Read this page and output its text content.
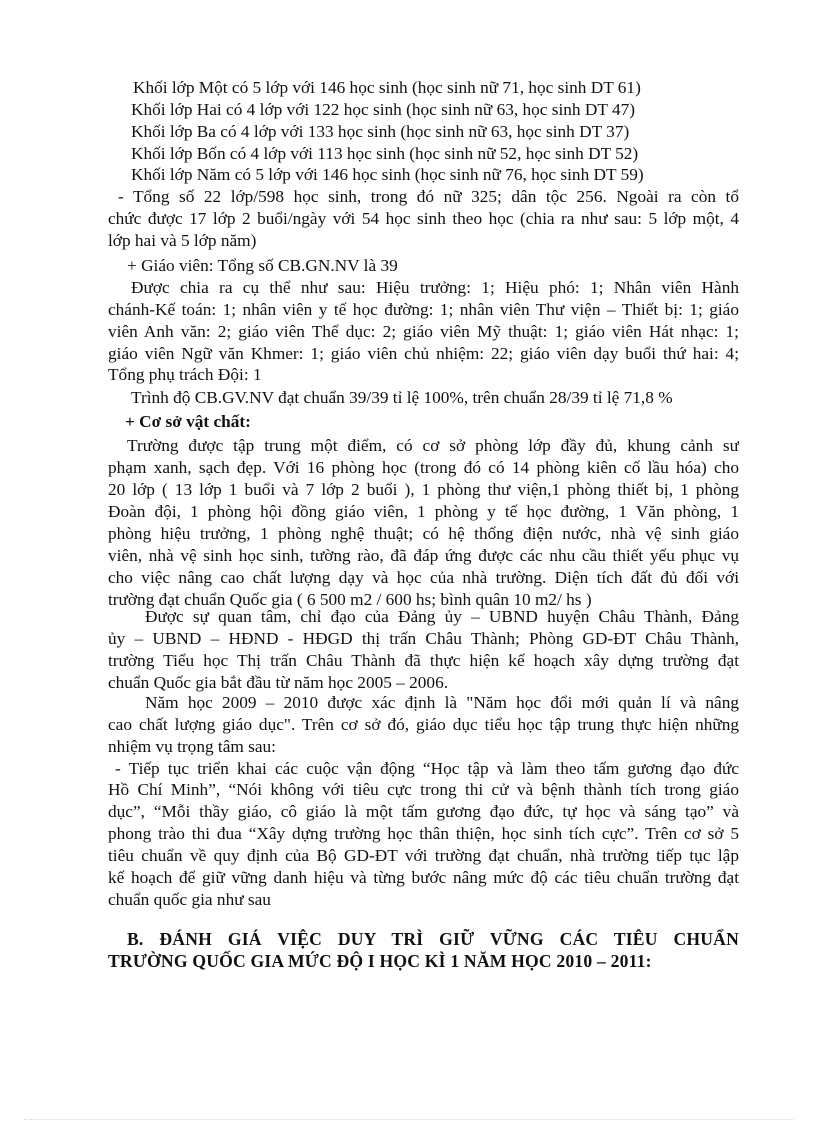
Khối lớp Một có 5 lớp với 146 học sinh (học sinh nữ 71, học sinh DT 61)
Khối lớp Hai có 4 lớp với 122 học sinh (học sinh nữ 63, học sinh DT 47)
Khối lớp Ba có 4 lớp với 133 học sinh (học sinh nữ 63, học sinh DT 37)
Khối lớp Bốn có 4 lớp với 113 học sinh (học sinh nữ 52, học sinh DT 52)
Khối lớp Năm có 5 lớp với 146 học sinh (học sinh nữ 76, học sinh DT 59)
- Tổng số 22 lớp/598 học sinh, trong đó nữ 325; dân tộc 256. Ngoài ra còn tổ
chức được 17 lớp 2 buổi/ngày với 54 học sinh theo học (chia ra như sau: 5 lớp một, 4
lớp hai và 5 lớp năm)
+ Giáo viên: Tổng số CB.GN.NV là 39
Được chia ra cụ thể như sau: Hiệu trưởng: 1; Hiệu phó: 1; Nhân viên Hành
chánh-Kế toán: 1; nhân viên y tế học đường: 1; nhân viên Thư viện – Thiết bị: 1; giáo
viên Anh văn: 2; giáo viên Thể dục: 2; giáo viên Mỹ thuật: 1; giáo viên Hát nhạc: 1;
giáo viên Ngữ văn Khmer: 1; giáo viên chủ nhiệm: 22; giáo viên dạy buổi thứ hai: 4;
Tổng phụ trách Đội: 1
Trình độ CB.GV.NV đạt chuẩn 39/39 tỉ lệ 100%, trên chuẩn 28/39 tỉ lệ 71,8 %
+ Cơ sở vật chất:
Trường được tập trung một điểm, có cơ sở phòng lớp đầy đủ, khung cảnh sư
phạm xanh, sạch đẹp. Với 16 phòng học (trong đó có 14 phòng kiên cố lầu hóa) cho
20 lớp ( 13 lớp 1 buổi và 7 lớp 2 buổi ), 1 phòng thư viện,1 phòng thiết bị, 1 phòng
Đoàn đội, 1 phòng hội đồng giáo viên, 1 phòng y tế học đường, 1 Văn phòng, 1
phòng hiệu trưởng, 1 phòng nghệ thuật; có hệ thống điện nước, nhà vệ sinh giáo
viên, nhà vệ sinh học sinh, tường rào, đã đáp ứng được các nhu cầu thiết yếu phục vụ
cho việc nâng cao chất lượng dạy và học của nhà trường. Diện tích đất đủ đối với
trường đạt chuẩn Quốc gia ( 6 500 m2 / 600 hs; bình quân 10 m2/ hs )
Được sự quan tâm, chỉ đạo của Đảng ủy – UBND huyện Châu Thành, Đảng
ủy – UBND – HĐND - HĐGD thị trấn Châu Thành; Phòng GD-ĐT Châu Thành,
trường Tiểu học Thị trấn Châu Thành đã thực hiện kế hoạch xây dựng trường đạt
chuẩn Quốc gia bắt đầu từ năm học 2005 – 2006.
Năm học 2009 – 2010 được xác định là "Năm học đổi mới quản lí và nâng
cao chất lượng giáo dục". Trên cơ sở đó, giáo dục tiểu học tập trung thực hiện những
nhiệm vụ trọng tâm sau:
- Tiếp tục triển khai các cuộc vận động “Học tập và làm theo tấm gương đạo đức
Hồ Chí Minh”, “Nói không với tiêu cực trong thi cử và bệnh thành tích trong giáo
dục”, “Mỗi thầy giáo, cô giáo là một tấm gương đạo đức, tự học và sáng tạo” và
phong trào thi đua “Xây dựng trường học thân thiện, học sinh tích cực”. Trên cơ sở 5
tiêu chuẩn về quy định của Bộ GD-ĐT với trường đạt chuẩn, nhà trường tiếp tục lập
kế hoạch để giữ vững danh hiệu và từng bước nâng mức độ các tiêu chuẩn trường đạt
chuẩn quốc gia như sau
B. ĐÁNH GIÁ VIỆC DUY TRÌ GIỮ VỮNG CÁC TIÊU CHUẨN
TRƯỜNG QUỐC GIA MỨC ĐỘ I HỌC KÌ 1 NĂM HỌC 2010 – 2011:
